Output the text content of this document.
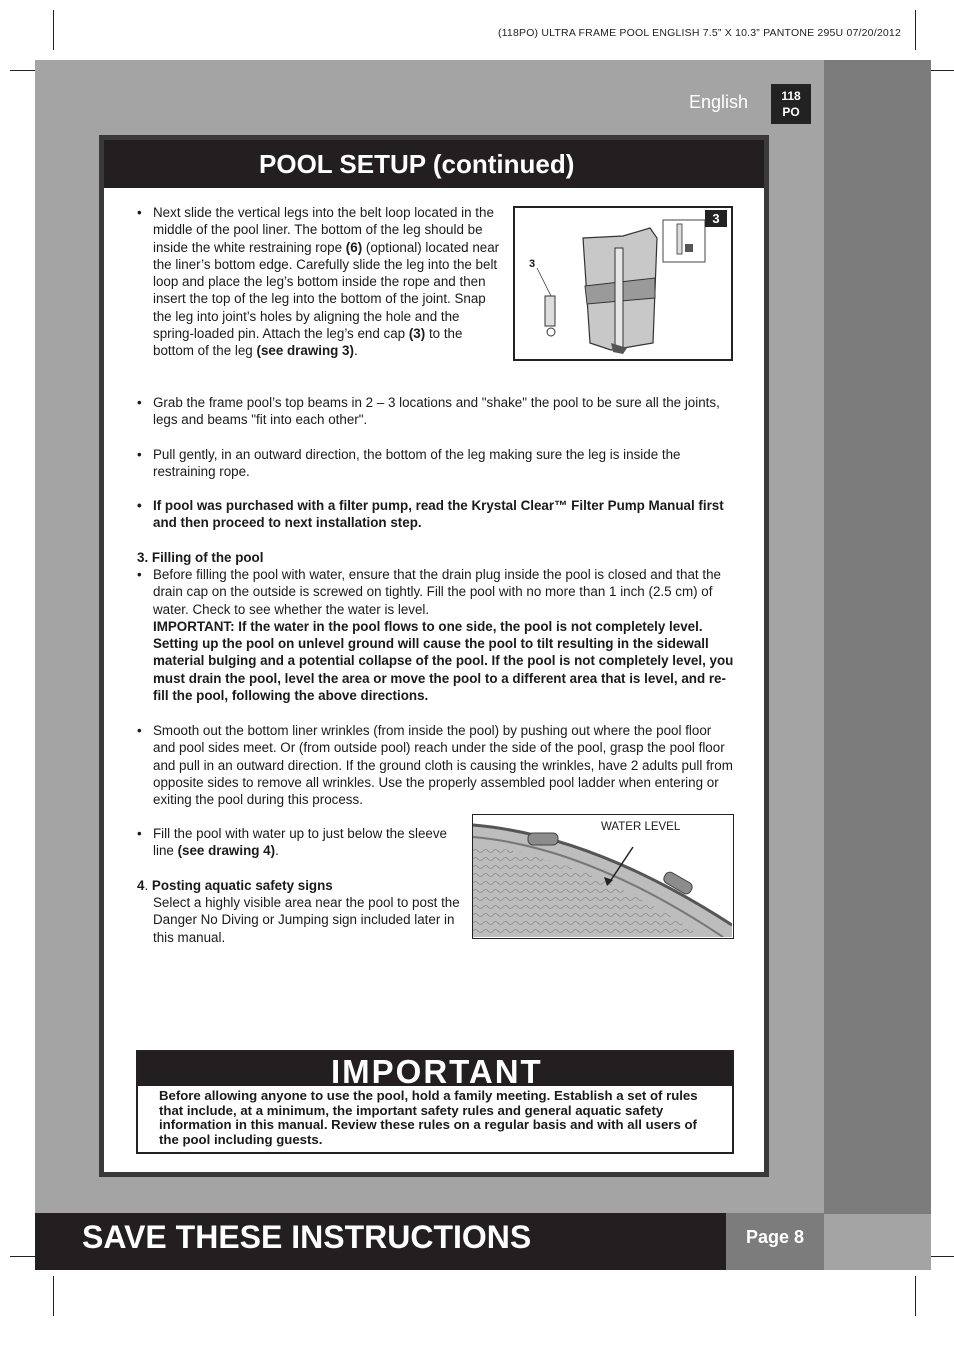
(118PO) ULTRA FRAME POOL ENGLISH 7.5” X 10.3” PANTONE 295U 07/20/2012
English	118
PO
POOL SETUP (continued)
• Next slide the vertical legs into the belt loop located in the middle of the pool liner. The bottom of the leg should be inside the white restraining rope (6) (optional) located near the liner’s bottom edge. Carefully slide the leg into the belt loop and place the leg’s bottom inside the rope and then insert the top of the leg into the bottom of the joint. Snap the leg into joint’s holes by aligning the hole and the spring-loaded pin. Attach the leg’s end cap (3) to the bottom of the leg (see drawing 3).
3
3
• Grab the frame pool’s top beams in 2 – 3 locations and "shake" the pool to be sure all the joints, legs and beams "fit into each other".
• Pull gently, in an outward direction, the bottom of the leg making sure the leg is inside the restraining rope.
• If pool was purchased with a filter pump, read the Krystal Clear™ Filter Pump Manual first and then proceed to next installation step.
3. Filling of the pool
• Before filling the pool with water, ensure that the drain plug inside the pool is closed and that the drain cap on the outside is screwed on tightly. Fill the pool with no more than 1 inch (2.5 cm) of water. Check to see whether the water is level.
IMPORTANT: If the water in the pool flows to one side, the pool is not completely level. Setting up the pool on unlevel ground will cause the pool to tilt resulting in the sidewall material bulging and a potential collapse of the pool. If the pool is not completely level, you must drain the pool, level the area or move the pool to a different area that is level, and re-fill the pool, following the above directions.
• Smooth out the bottom liner wrinkles (from inside the pool) by pushing out where the pool floor and pool sides meet. Or (from outside pool) reach under the side of the pool, grasp the pool floor and pull in an outward direction. If the ground cloth is causing the wrinkles, have 2 adults pull from opposite sides to remove all wrinkles. Use the properly assembled pool ladder when entering or exiting the pool during this process.
• Fill the pool with water up to just below the sleeve line (see drawing 4).
4. Posting aquatic safety signs
Select a highly visible area near the pool to post the Danger No Diving or Jumping sign included later in this manual.
WATER LEVEL
IMPORTANT
Before allowing anyone to use the pool, hold a family meeting. Establish a set of rules that include, at a minimum, the important safety rules and general aquatic safety information in this manual. Review these rules on a regular basis and with all users of the pool including guests.
SAVE THESE INSTRUCTIONS	Page 8
